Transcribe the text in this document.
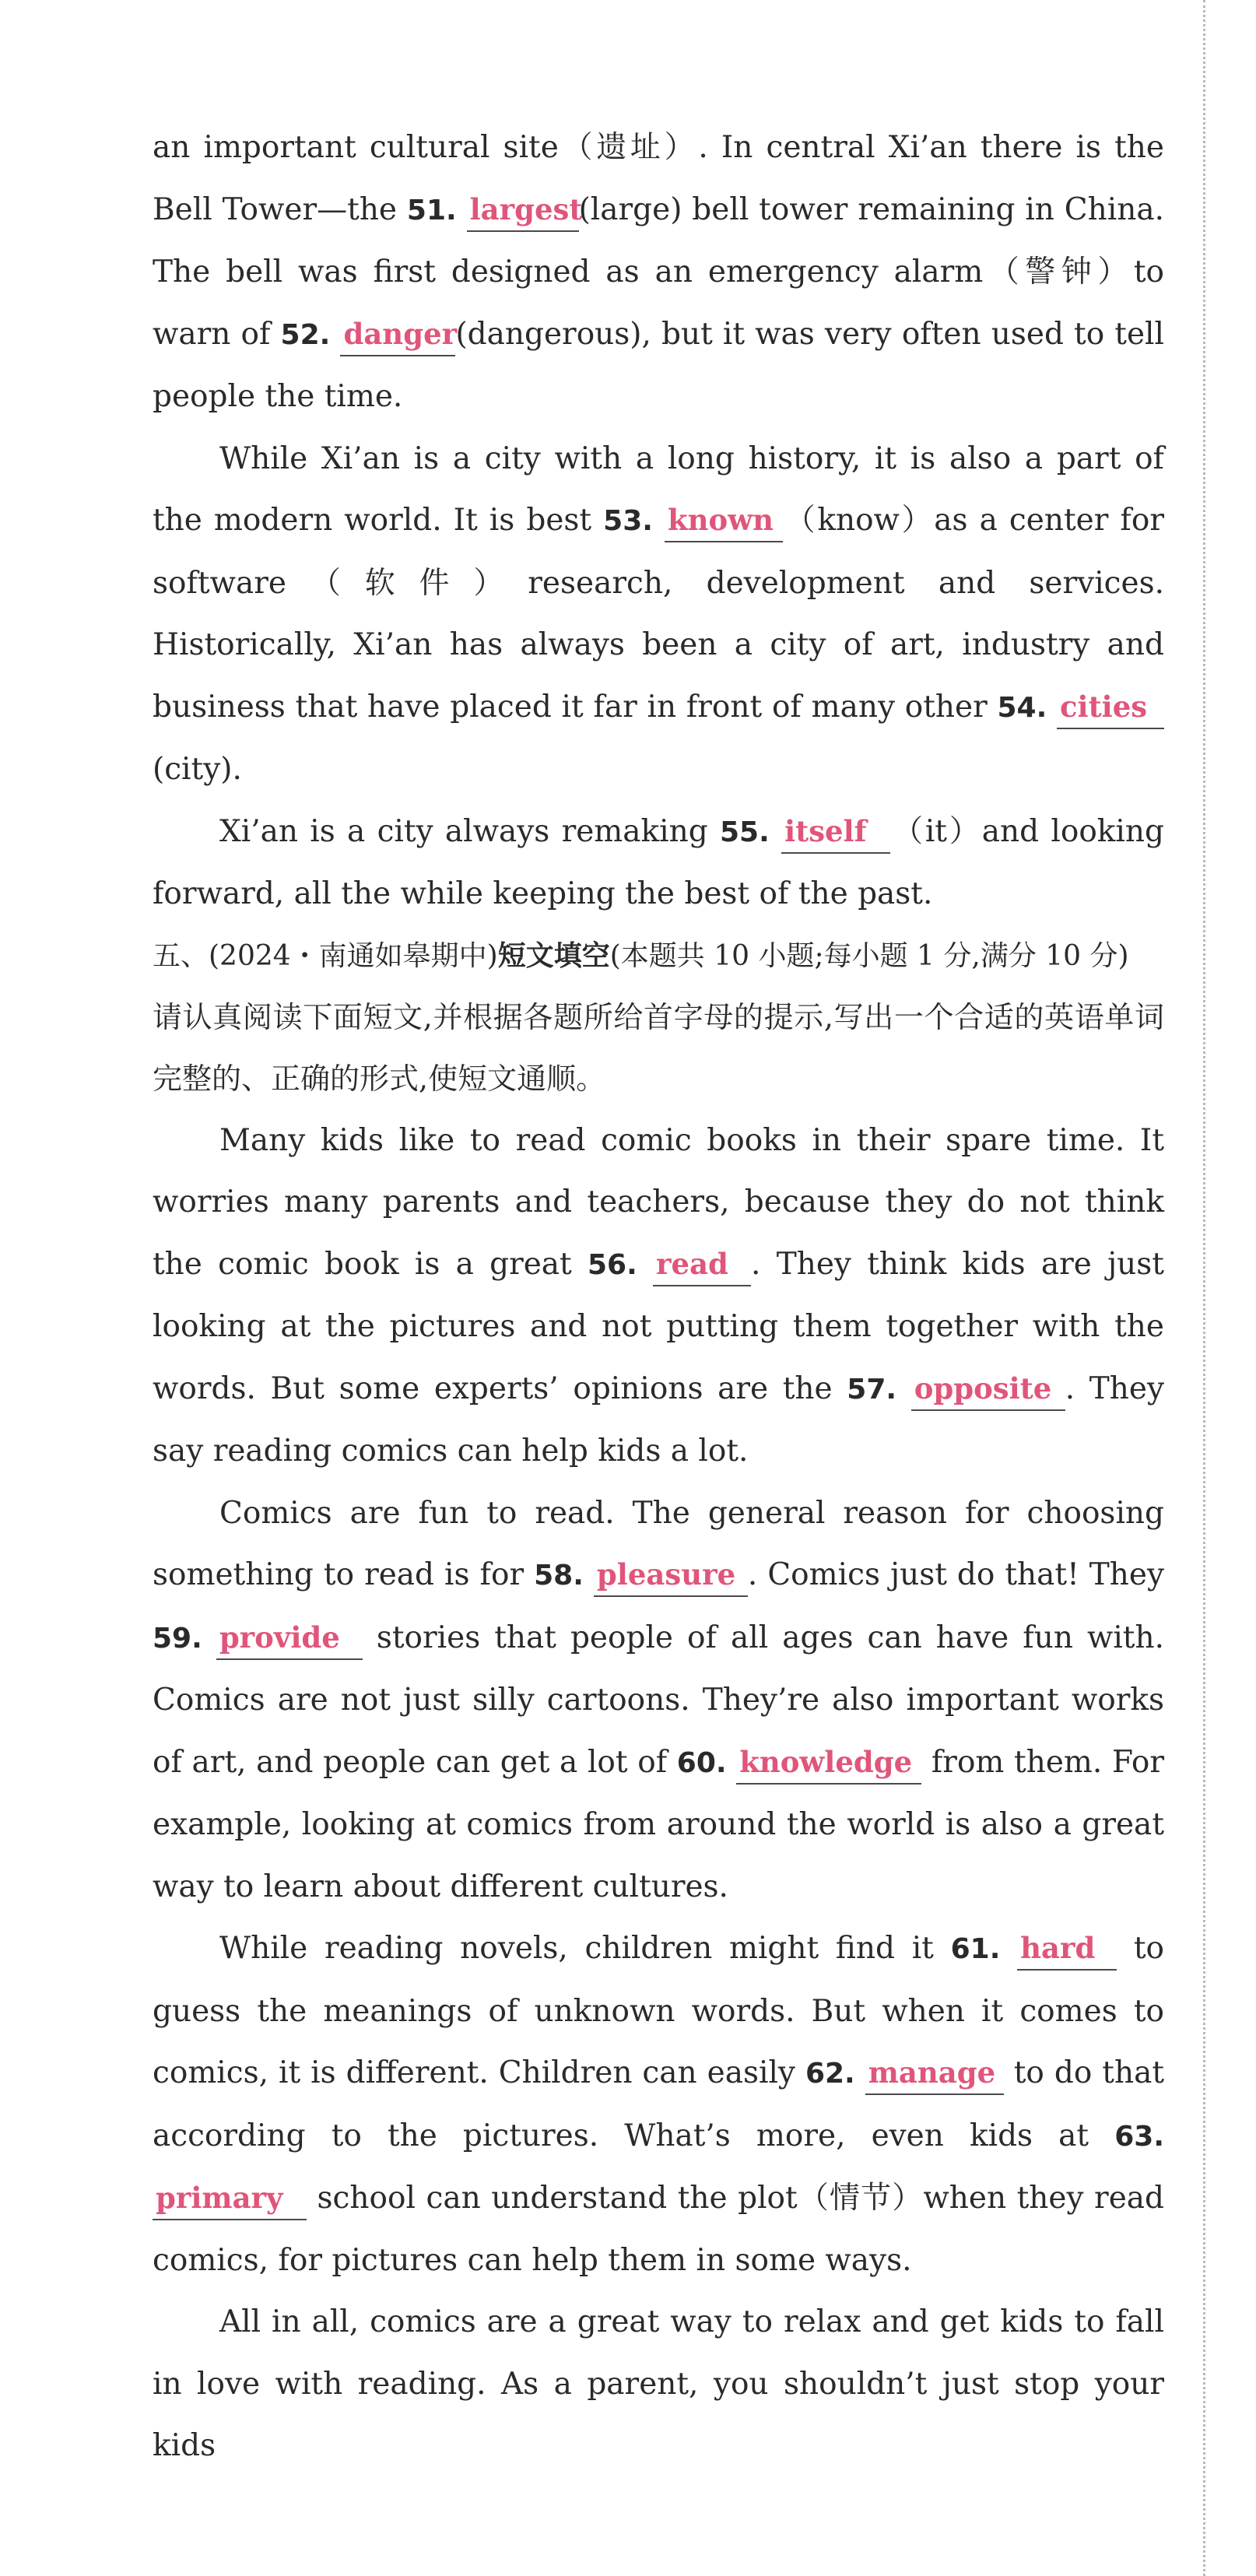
an important cultural site（遗址）. In central Xi’an there is the Bell Tower—the 51. largest(large) bell tower remaining in China. The bell was first designed as an emergency alarm（警钟）to warn of 52. danger(dangerous), but it was very often used to tell people the time.

While Xi’an is a city with a long history, it is also a part of the modern world. It is best 53. known （know）as a center for software（软件）research, development and services. Historically, Xi’an has always been a city of art, industry and business that have placed it far in front of many other 54. cities(city).

Xi’an is a city always remaking 55. itself （it）and looking forward, all the while keeping the best of the past.

五、(2024・南通如皋期中)短文填空(本题共 10 小题;每小题 1 分,满分 10 分)

请认真阅读下面短文,并根据各题所给首字母的提示,写出一个合适的英语单词完整的、正确的形式,使短文通顺。

Many kids like to read comic books in their spare time. It worries many parents and teachers, because they do not think the comic book is a great 56. read . They think kids are just looking at the pictures and not putting them together with the words. But some experts’ opinions are the 57. opposite . They say reading comics can help kids a lot.

Comics are fun to read. The general reason for choosing something to read is for 58. pleasure . Comics just do that! They 59. provide stories that people of all ages can have fun with. Comics are not just silly cartoons. They’re also important works of art, and people can get a lot of 60. knowledge from them. For example, looking at comics from around the world is also a great way to learn about different cultures.

While reading novels, children might find it 61. hard to guess the meanings of unknown words. But when it comes to comics, it is different. Children can easily 62. manage to do that according to the pictures. What’s more, even kids at 63. primary school can understand the plot（情节）when they read comics, for pictures can help them in some ways.

All in all, comics are a great way to relax and get kids to fall in love with reading. As a parent, you shouldn’t just stop your kids
